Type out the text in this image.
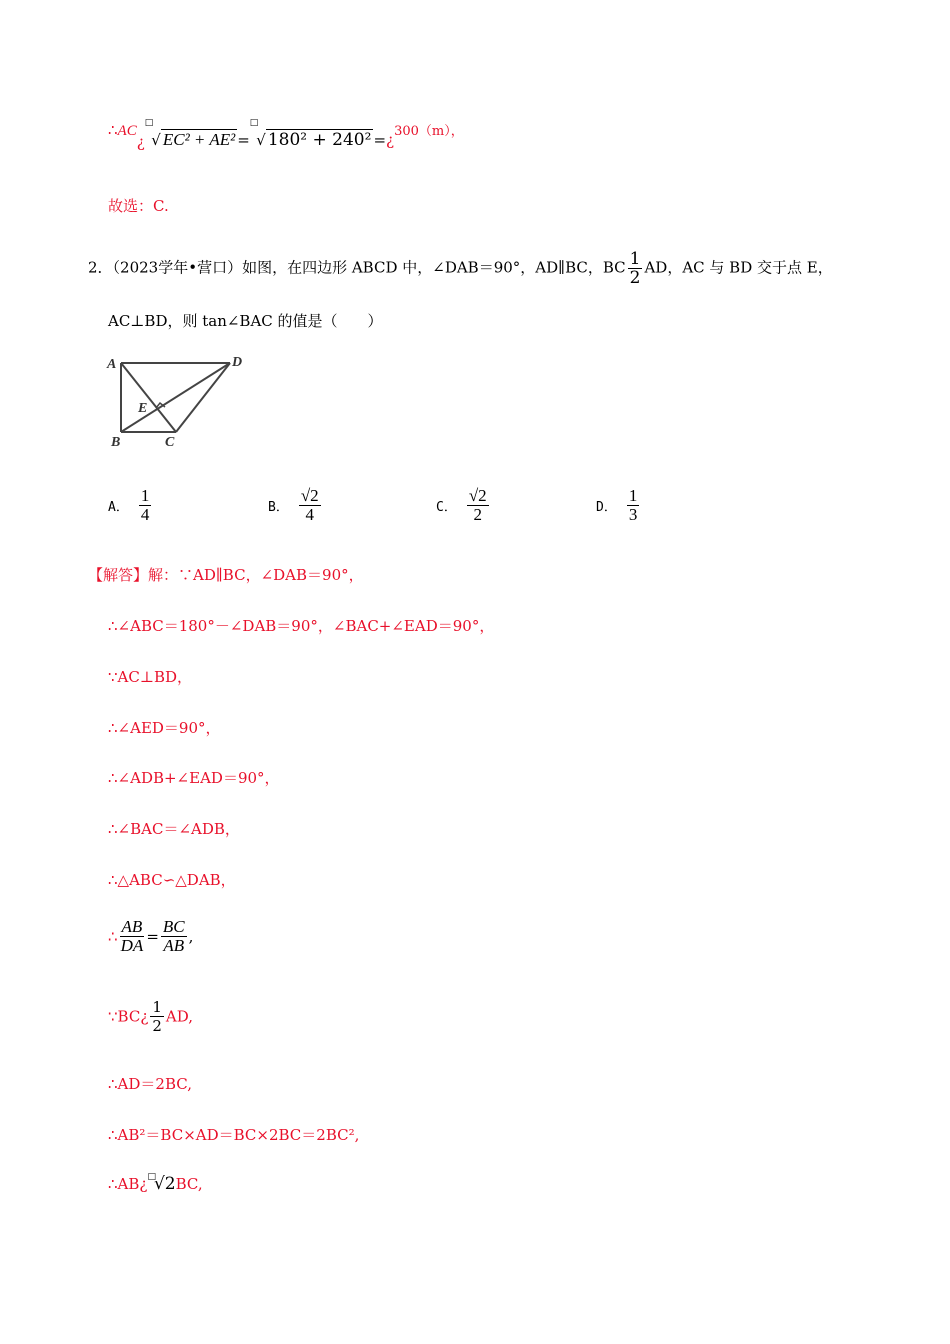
∴AC¿□√ EC² + AE² =□√ 180² + 240² =¿300（m），
故选：C.
2．（2023学年•营口）如图，在四边形 ABCD 中，∠DAB＝90°，AD∥BC，BC $\frac{1}{2}$ AD，AC 与 BD 交于点 E，
AC⊥BD，则 tan∠BAC 的值是（　　）
A	D
E
B	C
A． $\frac{1}{4}$	B． $\frac{√2}{4}$	C． $\frac{√2}{2}$	D． $\frac{1}{3}$
【解答】解：∵AD∥BC，∠DAB＝90°，
∴∠ABC＝180°－∠DAB＝90°，∠BAC+∠EAD＝90°，
∵AC⊥BD，
∴∠AED＝90°，
∴∠ADB+∠EAD＝90°，
∴∠BAC＝∠ADB，
∴△ABC∽△DAB，
∴ $\frac{AB}{DA} = \frac{BC}{AB}$ ,
∵BC¿ $\frac{1}{2}$ AD,
∴AD＝2BC,
∴AB²＝BC×AD＝BC×2BC＝2BC²,
∴AB¿□√2BC,
